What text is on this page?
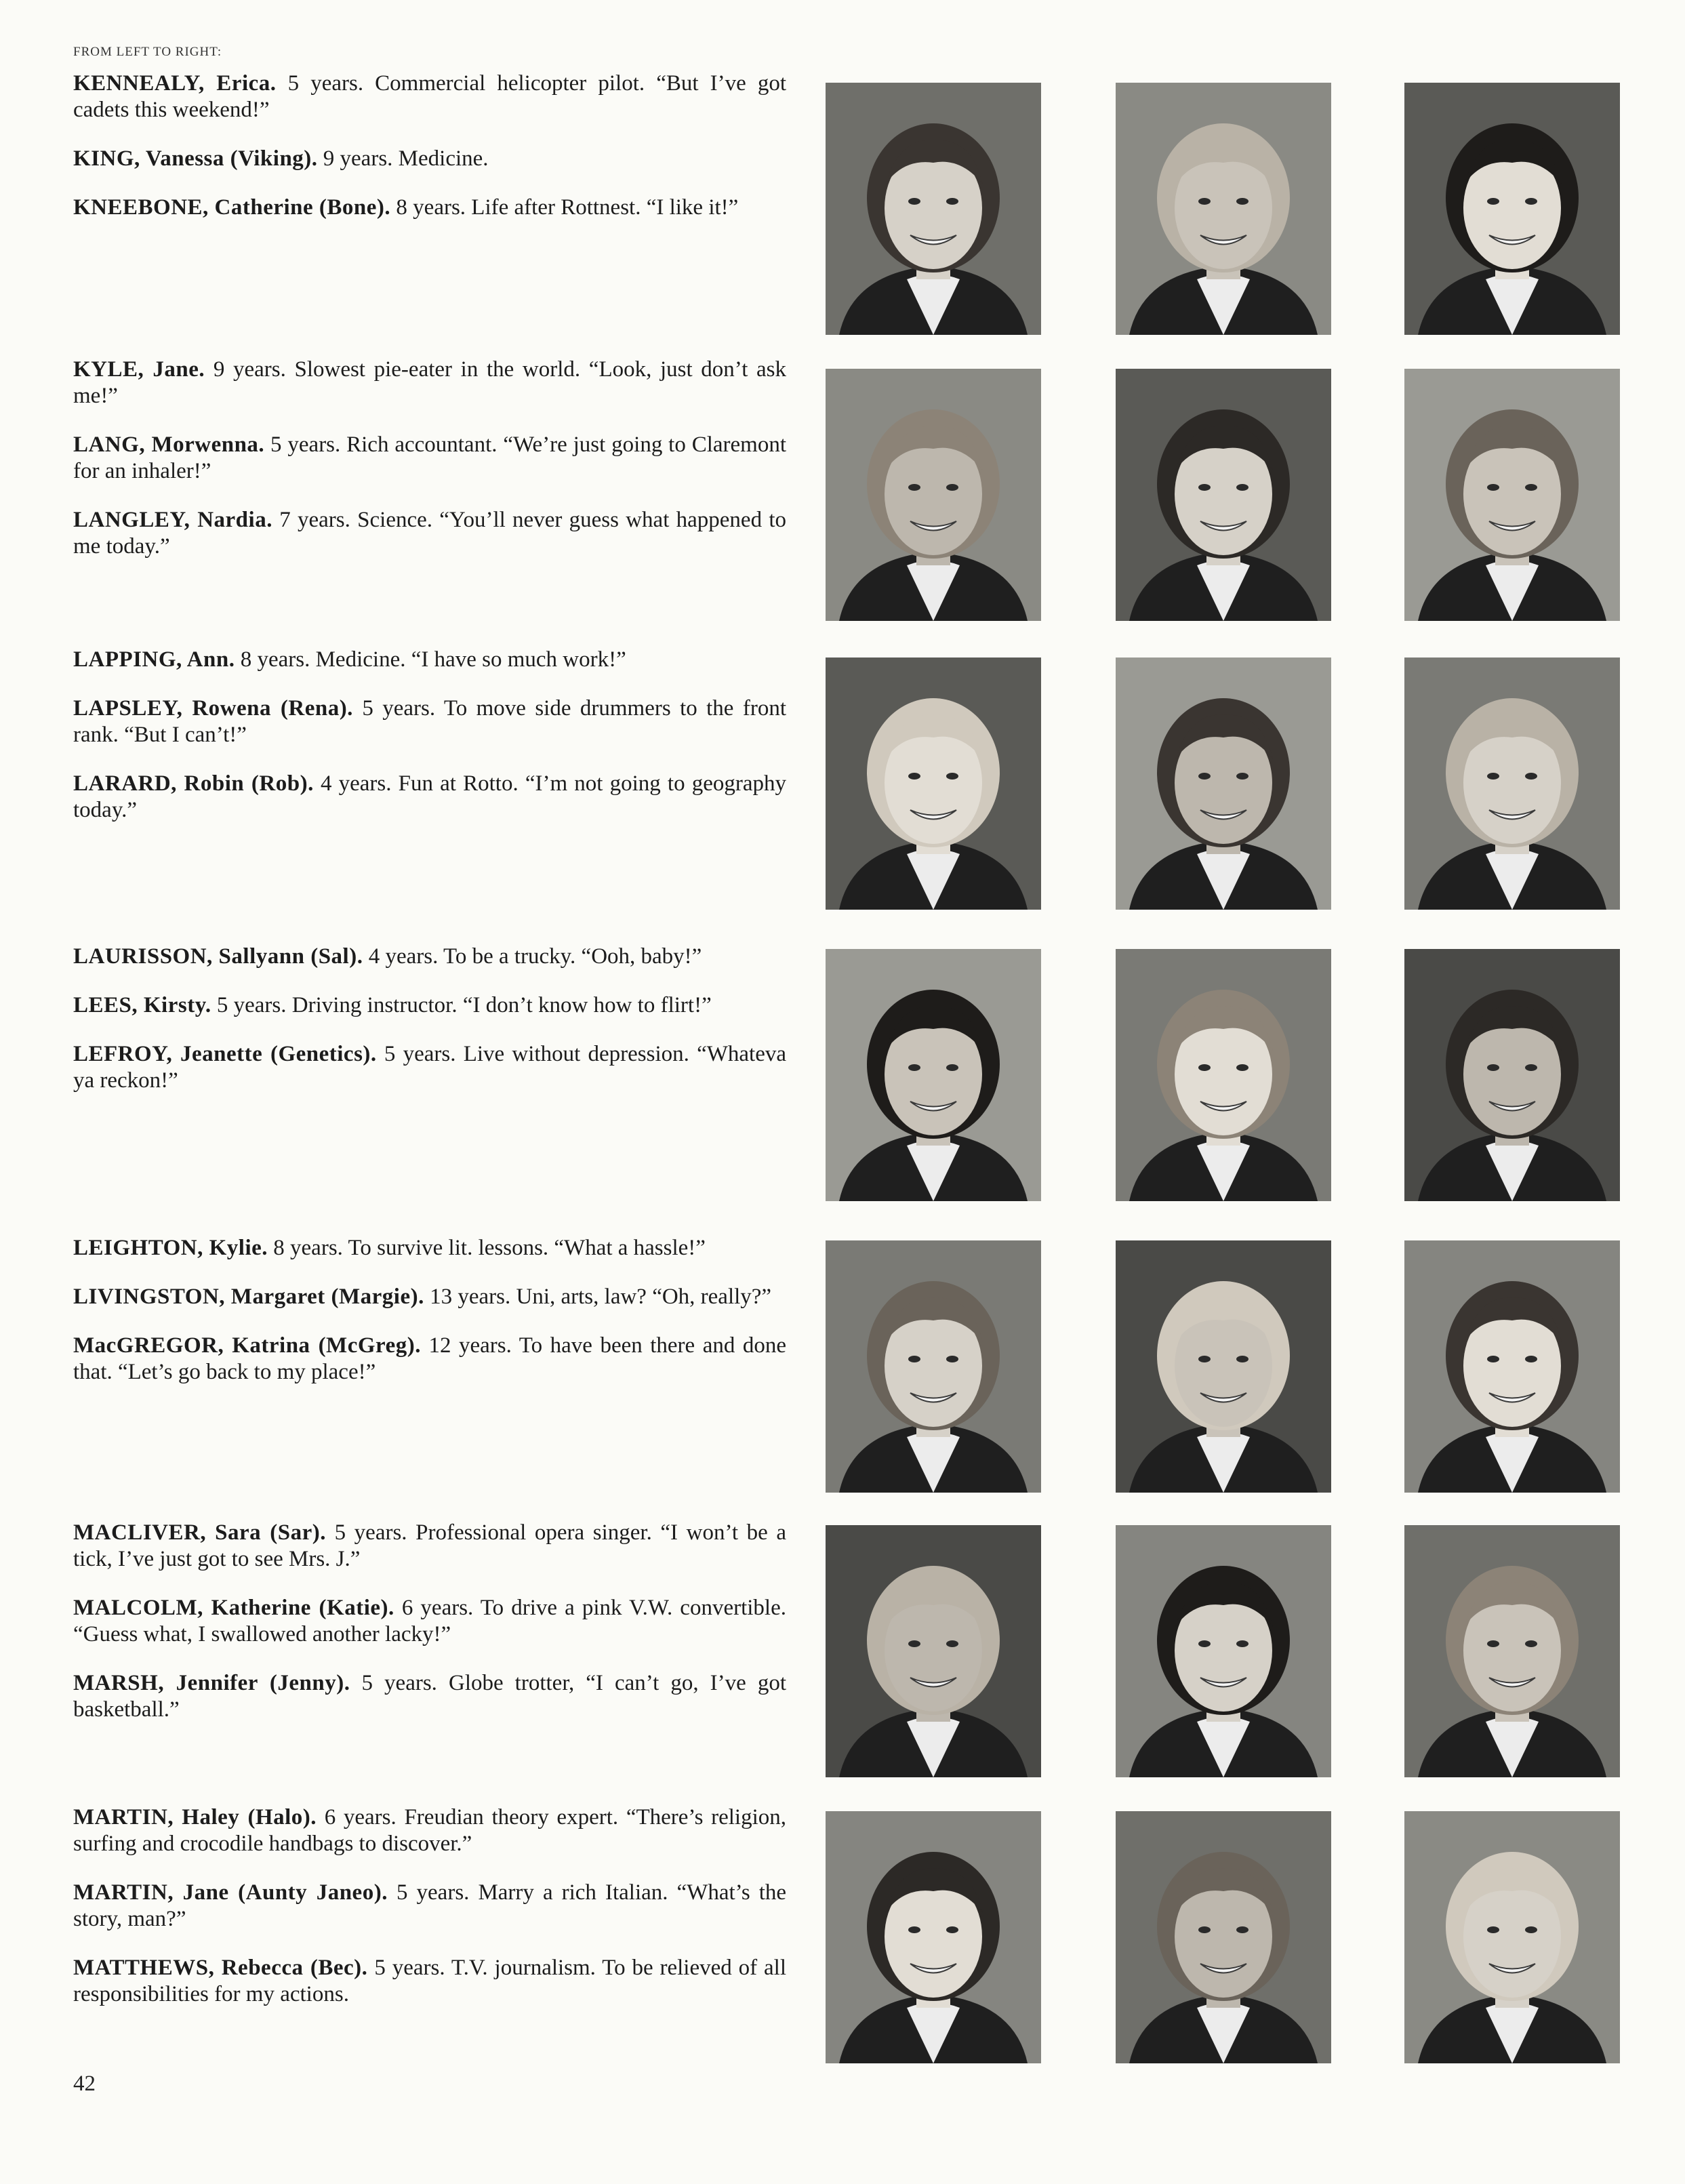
FROM LEFT TO RIGHT:

KENNEALY, Erica. 5 years. Commercial helicopter pilot. “But I’ve got cadets this weekend!”

KING, Vanessa (Viking). 9 years. Medicine.

KNEEBONE, Catherine (Bone). 8 years. Life after Rottnest. “I like it!”

KYLE, Jane. 9 years. Slowest pie-eater in the world. “Look, just don’t ask me!”

LANG, Morwenna. 5 years. Rich accountant. “We’re just going to Claremont for an inhaler!”

LANGLEY, Nardia. 7 years. Science. “You’ll never guess what happened to me today.”

LAPPING, Ann. 8 years. Medicine. “I have so much work!”

LAPSLEY, Rowena (Rena). 5 years. To move side drummers to the front rank. “But I can’t!”

LARARD, Robin (Rob). 4 years. Fun at Rotto. “I’m not going to geography today.”

LAURISSON, Sallyann (Sal). 4 years. To be a trucky. “Ooh, baby!”

LEES, Kirsty. 5 years. Driving instructor. “I don’t know how to flirt!”

LEFROY, Jeanette (Genetics). 5 years. Live without depression. “Whateva ya reckon!”

LEIGHTON, Kylie. 8 years. To survive lit. lessons. “What a hassle!”

LIVINGSTON, Margaret (Margie). 13 years. Uni, arts, law? “Oh, really?”

MacGREGOR, Katrina (McGreg). 12 years. To have been there and done that. “Let’s go back to my place!”

MACLIVER, Sara (Sar). 5 years. Professional opera singer. “I won’t be a tick, I’ve just got to see Mrs. J.”

MALCOLM, Katherine (Katie). 6 years. To drive a pink V.W. convertible. “Guess what, I swallowed another lacky!”

MARSH, Jennifer (Jenny). 5 years. Globe trotter, “I can’t go, I’ve got basketball.”

MARTIN, Haley (Halo). 6 years. Freudian theory expert. “There’s religion, surfing and crocodile handbags to discover.”

MARTIN, Jane (Aunty Janeo). 5 years. Marry a rich Italian. “What’s the story, man?”

MATTHEWS, Rebecca (Bec). 5 years. T.V. journalism. To be relieved of all responsibilities for my actions.

42
